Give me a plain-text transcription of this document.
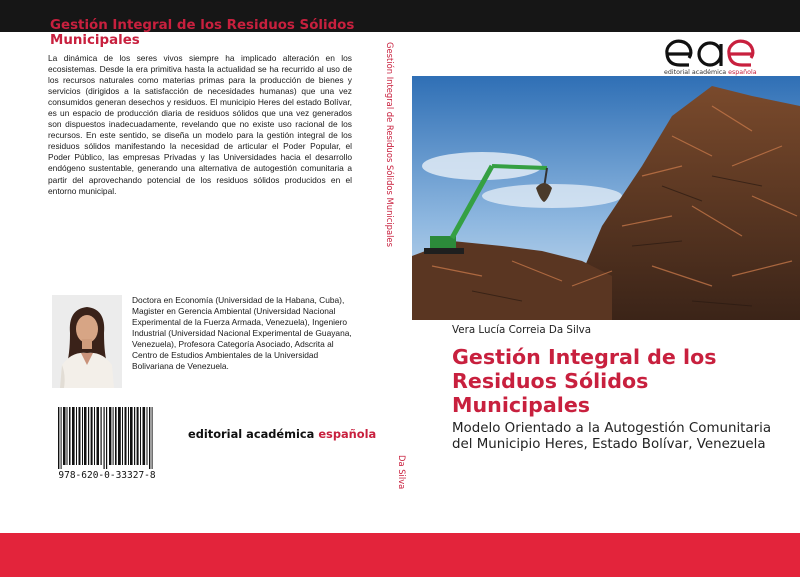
Gestión Integral de los Residuos Sólidos Municipales
La dinámica de los seres vivos siempre ha implicado alteración en los ecosistemas. Desde la era primitiva hasta la actualidad se ha recurrido al uso de los recursos naturales como materias primas para la producción de bienes y servicios (dirigidos a la satisfacción de necesidades humanas) que una vez consumidos generan desechos y residuos. El municipio Heres del estado Bolívar, es un espacio de producción diaria de residuos sólidos que una vez generados son dispuestos inadecuadamente, revelando que no existe uso racional de los recursos. En este sentido, se diseña un modelo para la gestión integral de los residuos sólidos manifestando la necesidad de articular el Poder Popular, el Poder Público, las empresas Privadas y las Universidades hacia el desarrollo endógeno sustentable, generando una alternativa de autogestión comunitaria a partir del aprovechando potencial de los residuos sólidos producidos en el entorno municipal.
Doctora en Economía (Universidad de la Habana, Cuba), Magister en Gerencia Ambiental (Universidad Nacional Experimental de la Fuerza Armada, Venezuela), Ingeniero Industrial (Universidad Nacional Experimental de Guayana, Venezuela), Profesora Categoría Asociado, Adscrita al Centro de Estudios Ambientales de la Universidad Bolivariana de Venezuela.
978-620-0-33327-8
editorial académica española
Gestión Integral de Residuos Sólidos Municipales
Da Silva
editorial académica española
Vera Lucía Correia Da Silva
Gestión Integral de los Residuos Sólidos Municipales
Modelo Orientado a la Autogestión Comunitaria del Municipio Heres, Estado Bolívar, Venezuela
